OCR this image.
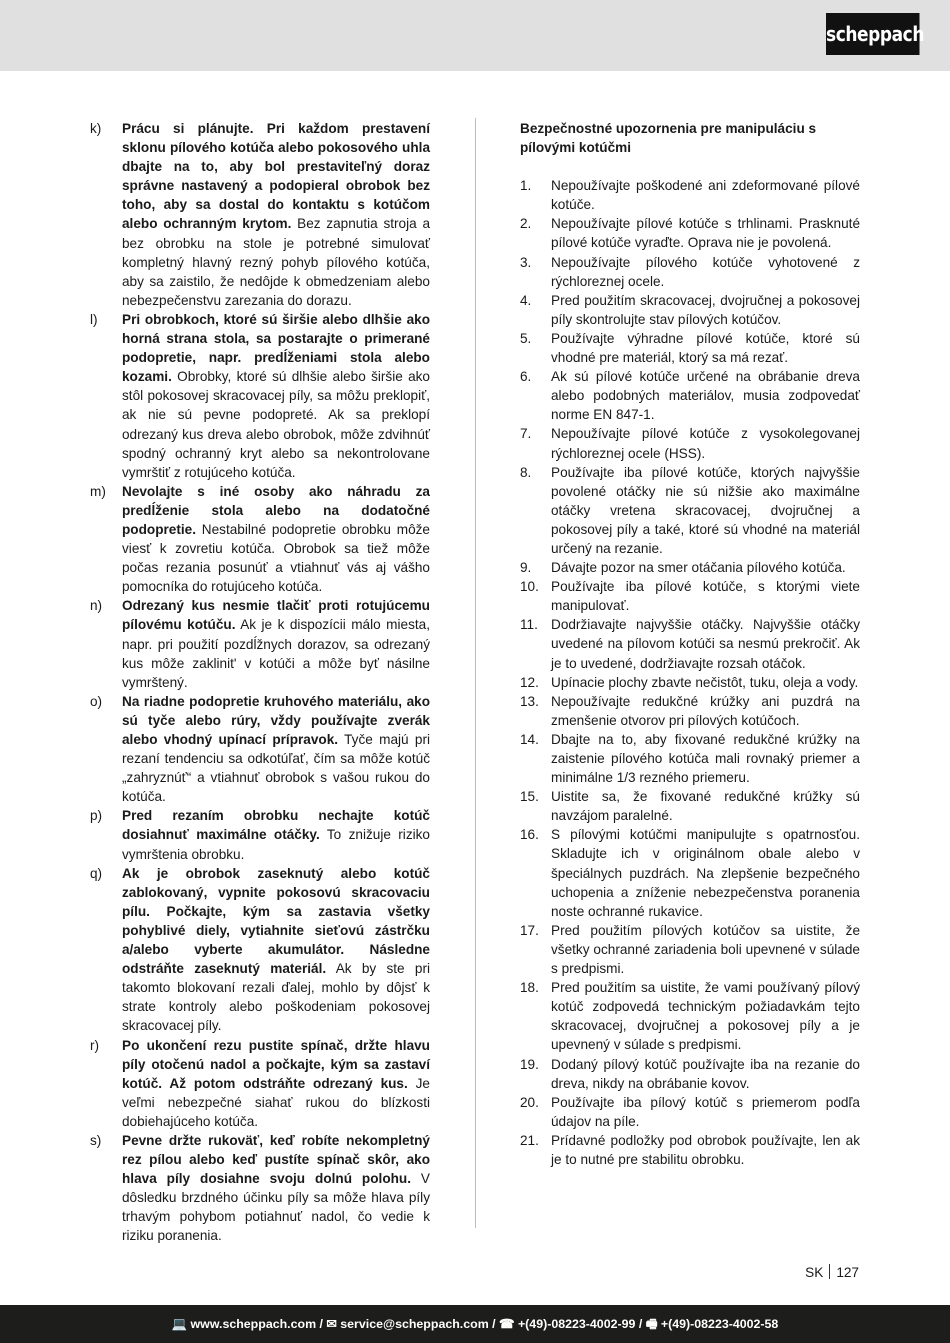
scheppach
k) Prácu si plánujte. Pri každom prestavení sklonu pílového kotúča alebo pokosového uhla dbajte na to, aby bol prestaviteľný doraz správne nastavený a podopieral obrobok bez toho, aby sa dostal do kontaktu s kotúčom alebo ochranným krytom. Bez zapnutia stroja a bez obrobku na stole je potrebné simulovať kompletný hlavný rezný pohyb pílového kotúča, aby sa zaistilo, že nedôjde k obmedzeniam alebo nebezpečenstvu zarezania do dorazu.
l) Pri obrobkoch, ktoré sú širšie alebo dlhšie ako horná strana stola, sa postarajte o primerané podopretie, napr. predĺženiami stola alebo kozami. Obrobky, ktoré sú dlhšie alebo širšie ako stôl pokosovej skracovacej píly, sa môžu preklopiť, ak nie sú pevne podopreté. Ak sa preklopí odrezaný kus dreva alebo obrobok, môže zdvihnúť spodný ochranný kryt alebo sa nekontrolovane vymrštiť z rotujúceho kotúča.
m) Nevolajte s iné osoby ako náhradu za predĺženie stola alebo na dodatočné podopretie. Nestabilné podopretie obrobku môže viesť k zovretiu kotúča. Obrobok sa tiež môže počas rezania posunúť a vtiahnuť vás aj vášho pomocníka do rotujúceho kotúča.
n) Odrezaný kus nesmie tlačiť proti rotujúcemu pílovému kotúču. Ak je k dispozícii málo miesta, napr. pri použití pozdĺžnych dorazov, sa odrezaný kus môže zaklinit' v kotúči a môže byť násilne vymrštený.
o) Na riadne podopretie kruhového materiálu, ako sú tyče alebo rúry, vždy používajte zverák alebo vhodný upínací prípravok. Tyče majú pri rezaní tendenciu sa odkotúľať, čím sa môže kotúč „zahryznúť“ a vtiahnuť obrobok s vašou rukou do kotúča.
p) Pred rezaním obrobku nechajte kotúč dosiahnuť maximálne otáčky. To znižuje riziko vymrštenia obrobku.
q) Ak je obrobok zaseknutý alebo kotúč zablokovaný, vypnite pokosovú skracovaciu pílu. Počkajte, kým sa zastavia všetky pohyblivé diely, vytiahnite sieťovú zástrčku a/alebo vyberte akumulátor. Následne odstráňte zaseknutý materiál. Ak by ste pri takomto blokovaní rezali ďalej, mohlo by dôjsť k strate kontroly alebo poškodeniam pokosovej skracovacej píly.
r) Po ukončení rezu pustite spínač, držte hlavu píly otočenú nadol a počkajte, kým sa zastaví kotúč. Až potom odstráňte odrezaný kus. Je veľmi nebezpečné siahať rukou do blízkosti dobiehajúceho kotúča.
s) Pevne držte rukoväť, keď robíte nekompletný rez pílou alebo keď pustíte spínač skôr, ako hlava píly dosiahne svoju dolnú polohu. V dôsledku brzdného účinku píly sa môže hlava píly trhavým pohybom potiahnuť nadol, čo vedie k riziku poranenia.
Bezpečnostné upozornenia pre manipuláciu s pílovými kotúčmi
1. Nepoužívajte poškodené ani zdeformované pílové kotúče.
2. Nepoužívajte pílové kotúče s trhlinami. Prasknuté pílové kotúče vyraďte. Oprava nie je povolená.
3. Nepoužívajte pílového kotúče vyhotovené z rýchloreznej ocele.
4. Pred použitím skracovacej, dvojručnej a pokosovej píly skontrolujte stav pílových kotúčov.
5. Používajte výhradne pílové kotúče, ktoré sú vhodné pre materiál, ktorý sa má rezať.
6. Ak sú pílové kotúče určené na obrábanie dreva alebo podobných materiálov, musia zodpovedať norme EN 847-1.
7. Nepoužívajte pílové kotúče z vysokolegovanej rýchloreznej ocele (HSS).
8. Používajte iba pílové kotúče, ktorých najvyššie povolené otáčky nie sú nižšie ako maximálne otáčky vretena skracovacej, dvojručnej a pokosovej píly a také, ktoré sú vhodné na materiál určený na rezanie.
9. Dávajte pozor na smer otáčania pílového kotúča.
10. Používajte iba pílové kotúče, s ktorými viete manipulovať.
11. Dodržiavajte najvyššie otáčky. Najvyššie otáčky uvedené na pílovom kotúči sa nesmú prekročiť. Ak je to uvedené, dodržiavajte rozsah otáčok.
12. Upínacie plochy zbavte nečistôt, tuku, oleja a vody.
13. Nepoužívajte redukčné krúžky ani puzdrá na zmenšenie otvorov pri pílových kotúčoch.
14. Dbajte na to, aby fixované redukčné krúžky na zaistenie pílového kotúča mali rovnaký priemer a minimálne 1/3 rezného priemeru.
15. Uistite sa, že fixované redukčné krúžky sú navzájom paralelné.
16. S pílovými kotúčmi manipulujte s opatrnosťou. Skladujte ich v originálnom obale alebo v špeciálnych puzdrách. Na zlepšenie bezpečného uchopenia a zníženie nebezpečenstva poranenia noste ochranné rukavice.
17. Pred použitím pílových kotúčov sa uistite, že všetky ochranné zariadenia boli upevnené v súlade s predpismi.
18. Pred použitím sa uistite, že vami používaný pílový kotúč zodpovedá technickým požiadavkám tejto skracovacej, dvojručnej a pokosovej píly a je upevnený v súlade s predpismi.
19. Dodaný pílový kotúč používajte iba na rezanie do dreva, nikdy na obrábanie kovov.
20. Používajte iba pílový kotúč s priemerom podľa údajov na píle.
21. Prídavné podložky pod obrobok používajte, len ak je to nutné pre stabilitu obrobku.
SK 127
💻 www.scheppach.com / ✉ service@scheppach.com / ☎ +(49)-08223-4002-99 / 🖷 +(49)-08223-4002-58
